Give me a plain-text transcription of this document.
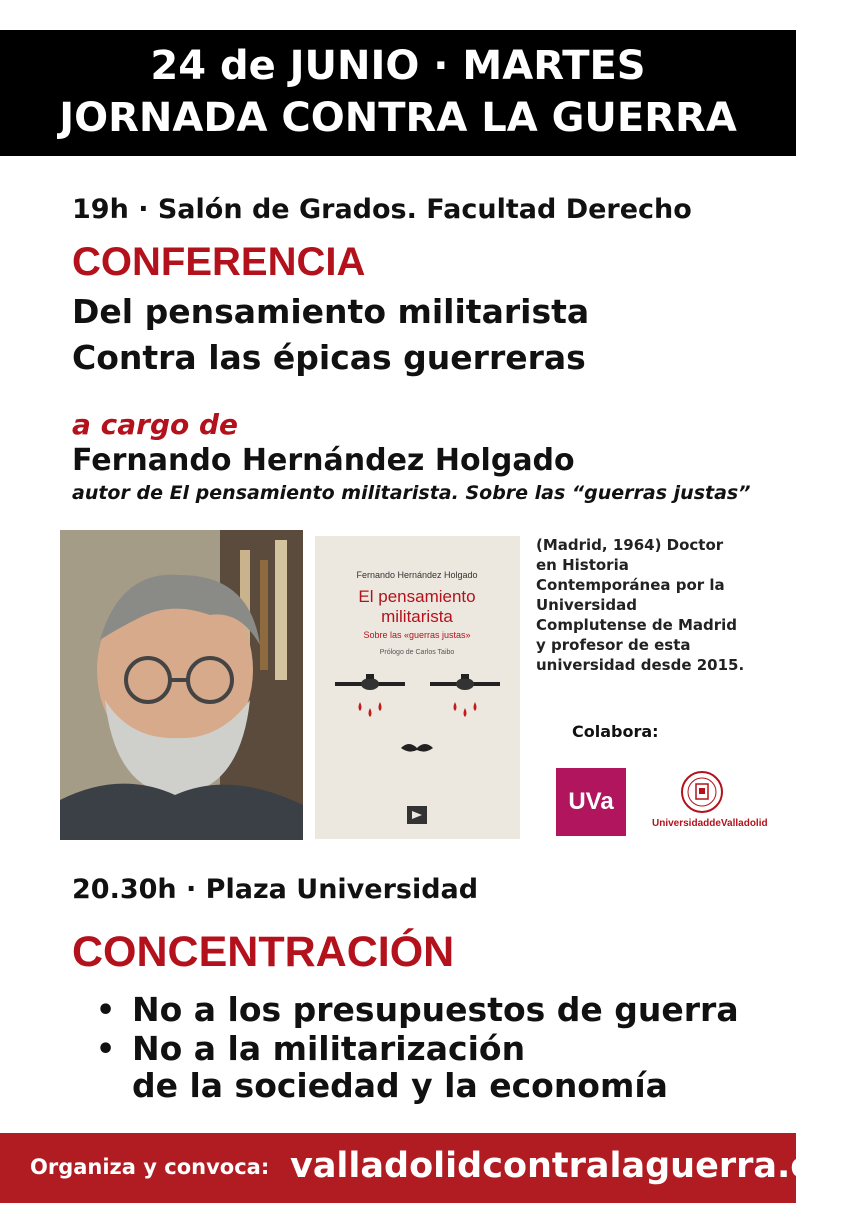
24 de JUNIO · MARTES
JORNADA CONTRA LA GUERRA
19h · Salón de Grados. Facultad Derecho
CONFERENCIA
Del pensamiento militarista
Contra las épicas guerreras
a cargo de
Fernando Hernández Holgado
autor de El pensamiento militarista. Sobre las “guerras justas”
Fernando Hernández Holgado
El pensamiento
militarista
Sobre las «guerras justas»
Prólogo de Carlos Taibo
(Madrid, 1964) Doctor en Historia Contemporánea por la Universidad Complutense de Madrid y profesor de esta universidad desde 2015.
Colabora:
UVa
UniversidaddeValladolid
20.30h · Plaza Universidad
CONCENTRACIÓN
• No a los presupuestos de guerra
• No a la militarización
de la sociedad y la economía
Organiza y convoca: valladolidcontralaguerra.org
